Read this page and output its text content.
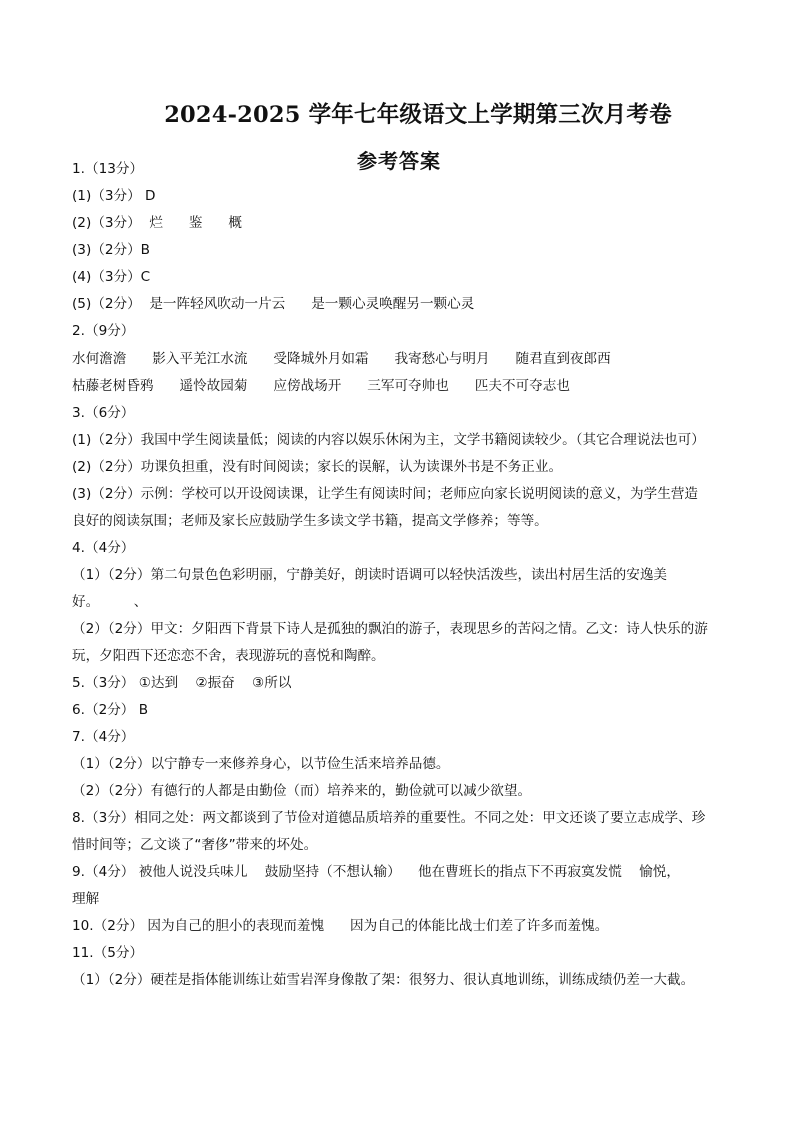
2024-2025 学年七年级语文上学期第三次月考卷
参考答案
1.（13分）
(1)（3分） D
(2)（3分）  烂      鉴      概
(3)（2分）B
(4)（3分）C
(5)（2分）  是一阵轻风吹动一片云      是一颗心灵唤醒另一颗心灵
2.（9分）
水何澹澹      影入平羌江水流      受降城外月如霜      我寄愁心与明月      随君直到夜郎西
枯藤老树昏鸦      遥怜故园菊      应傍战场开      三军可夺帅也      匹夫不可夺志也
3.（6分）
(1)（2分）我国中学生阅读量低；阅读的内容以娱乐休闲为主，文学书籍阅读较少。（其它合理说法也可）
(2)（2分）功课负担重，没有时间阅读；家长的误解，认为读课外书是不务正业。
(3)（2分）示例：学校可以开设阅读课，让学生有阅读时间；老师应向家长说明阅读的意义，为学生营造
良好的阅读氛围；老师及家长应鼓励学生多读文学书籍，提高文学修养；等等。
4.（4分）
（1）（2分）第二句景色色彩明丽，宁静美好，朗读时语调可以轻快活泼些，读出村居生活的安逸美
好。        、
（2）（2分）甲文：夕阳西下背景下诗人是孤独的飘泊的游子，表现思乡的苦闷之情。乙文：诗人快乐的游
玩，夕阳西下还恋恋不舍，表现游玩的喜悦和陶醉。
5.（3分） ①达到    ②振奋    ③所以
6.（2分） B
7.（4分）
（1）（2分）以宁静专一来修养身心，以节俭生活来培养品德。
（2）（2分）有德行的人都是由勤俭（而）培养来的，勤俭就可以减少欲望。
8.（3分）相同之处：两文都谈到了节俭对道德品质培养的重要性。不同之处：甲文还谈了要立志成学、珍
惜时间等；乙文谈了“奢侈”带来的坏处。
9.（4分） 被他人说没兵味儿    鼓励坚持（不想认输）    他在曹班长的指点下不再寂寞发慌    愉悦，
理解
10.（2分） 因为自己的胆小的表现而羞愧      因为自己的体能比战士们差了许多而羞愧。
11.（5分）
（1）（2分）硬茬是指体能训练让茹雪岩浑身像散了架：很努力、很认真地训练，训练成绩仍差一大截。
